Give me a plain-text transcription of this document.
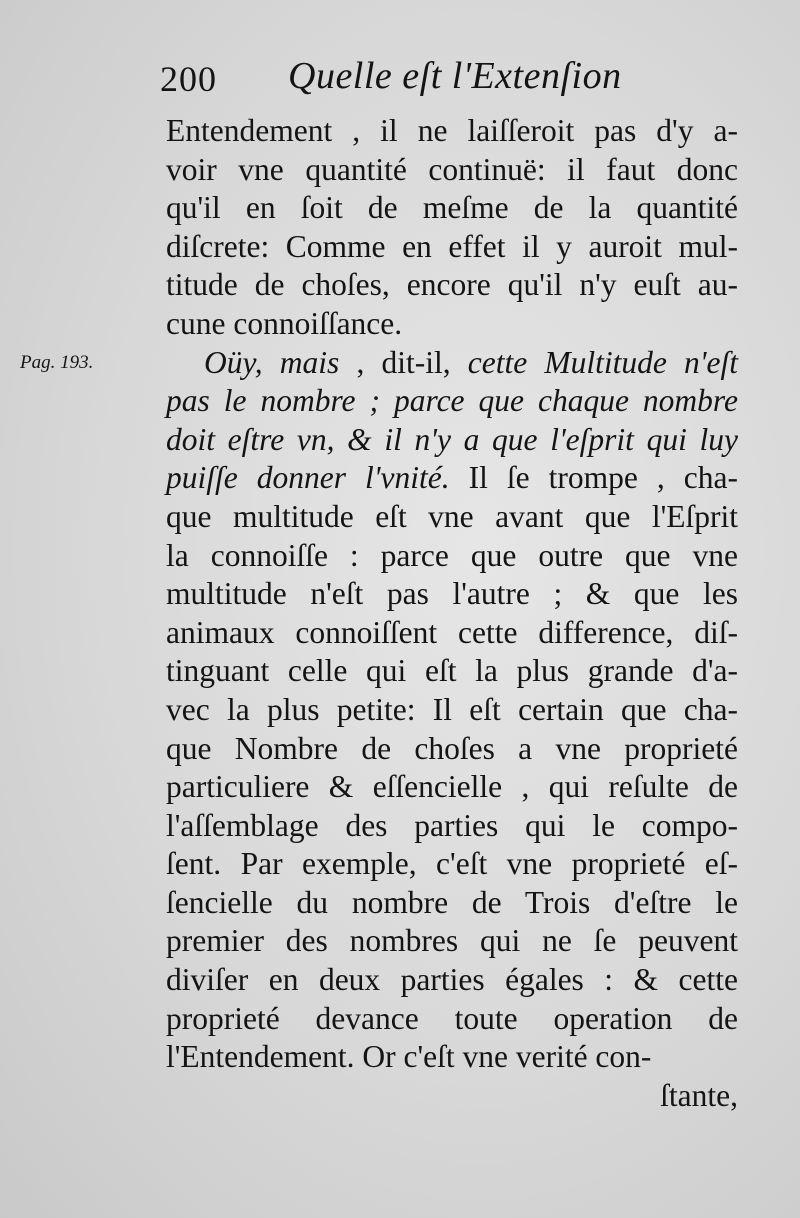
200 Quelle eſt l'Extenſion
Pag. 193.
Entendement , il ne laiſſeroit pas d'y a-
voir vne quantité continuë: il faut donc
qu'il en ſoit de meſme de la quantité
diſcrete: Comme en effet il y auroit mul-
titude de choſes, encore qu'il n'y euſt au-
cune connoiſſance.
Oüy, mais , dit-il, cette Multitude n'eſt
pas le nombre ; parce que chaque nombre
doit eſtre vn, & il n'y a que l'eſprit qui luy
puiſſe donner l'vnité. Il ſe trompe , cha-
que multitude eſt vne avant que l'Eſprit
la connoiſſe : parce que outre que vne
multitude n'eſt pas l'autre ; & que les
animaux connoiſſent cette difference, diſ-
tinguant celle qui eſt la plus grande d'a-
vec la plus petite: Il eſt certain que cha-
que Nombre de choſes a vne proprieté
particuliere & eſſencielle , qui reſulte de
l'aſſemblage des parties qui le compo-
ſent. Par exemple, c'eſt vne proprieté eſ-
ſencielle du nombre de Trois d'eſtre le
premier des nombres qui ne ſe peuvent
diviſer en deux parties égales : & cette
proprieté devance toute operation de
l'Entendement. Or c'eſt vne verité con-
ſtante,
